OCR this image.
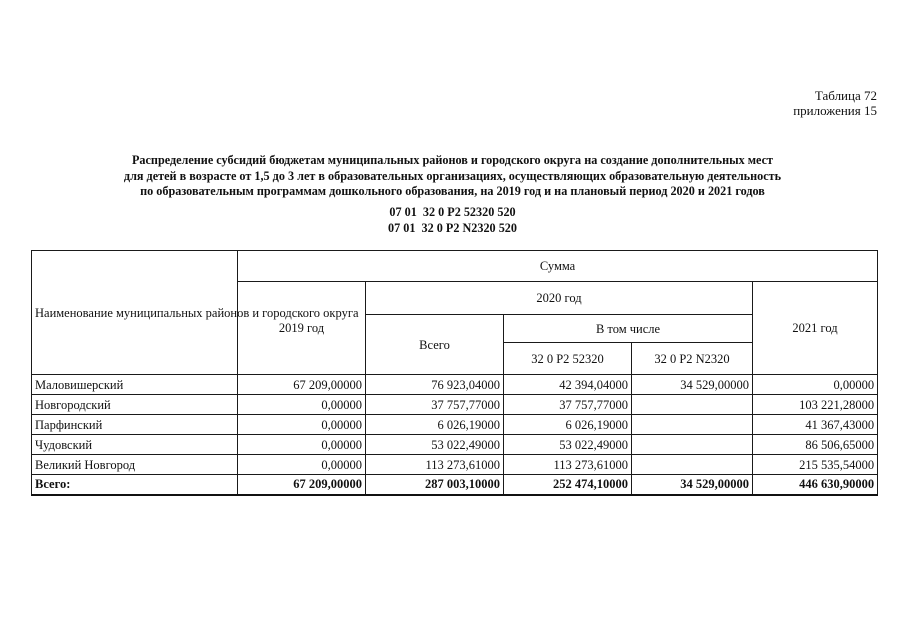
Таблица 72
приложения 15
Распределение субсидий бюджетам муниципальных районов и городского округа на создание дополнительных мест
для детей в возрасте от 1,5 до 3 лет в образовательных организациях, осуществляющих образовательную деятельность
по образовательным программам дошкольного образования, на 2019 год и на плановый период 2020 и 2021 годов
07 01  32 0 Р2 52320 520
07 01  32 0 Р2 N2320 520
Наименование муниципальных районов и городского округа	Сумма				
	2019 год	2020 год			2021 год
		Всего	В том числе		
			32 0 Р2 52320	32 0 Р2 N2320	
Маловишерский	67 209,00000	76 923,04000	42 394,04000	34 529,00000	0,00000
Новгородский	0,00000	37 757,77000	37 757,77000		103 221,28000
Парфинский	0,00000	6 026,19000	6 026,19000		41 367,43000
Чудовский	0,00000	53 022,49000	53 022,49000		86 506,65000
Великий Новгород	0,00000	113 273,61000	113 273,61000		215 535,54000
Всего:	67 209,00000	287 003,10000	252 474,10000	34 529,00000	446 630,90000
